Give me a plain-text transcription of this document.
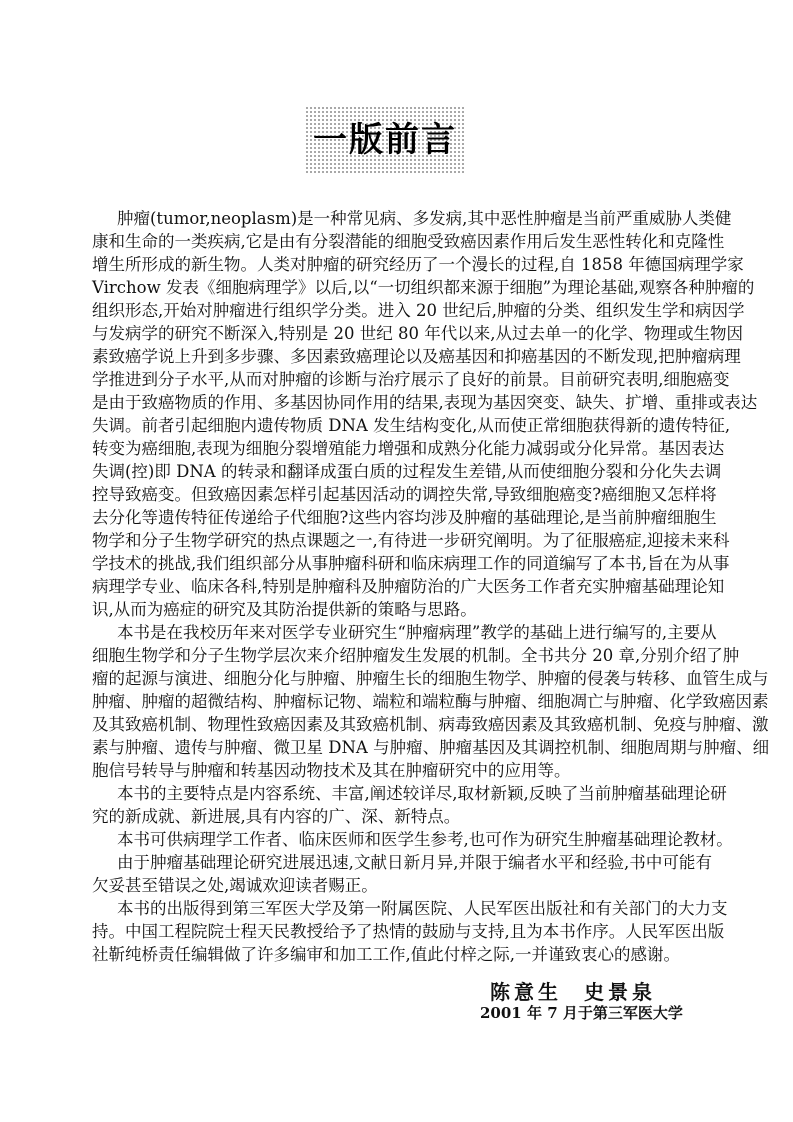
一版前言
肿瘤(tumor,neoplasm)是一种常见病、多发病,其中恶性肿瘤是当前严重威胁人类健
康和生命的一类疾病,它是由有分裂潜能的细胞受致癌因素作用后发生恶性转化和克隆性
增生所形成的新生物。人类对肿瘤的研究经历了一个漫长的过程,自 1858 年德国病理学家
Virchow 发表《细胞病理学》以后,以“一切组织都来源于细胞”为理论基础,观察各种肿瘤的
组织形态,开始对肿瘤进行组织学分类。进入 20 世纪后,肿瘤的分类、组织发生学和病因学
与发病学的研究不断深入,特别是 20 世纪 80 年代以来,从过去单一的化学、物理或生物因
素致癌学说上升到多步骤、多因素致癌理论以及癌基因和抑癌基因的不断发现,把肿瘤病理
学推进到分子水平,从而对肿瘤的诊断与治疗展示了良好的前景。目前研究表明,细胞癌变
是由于致癌物质的作用、多基因协同作用的结果,表现为基因突变、缺失、扩增、重排或表达
失调。前者引起细胞内遗传物质 DNA 发生结构变化,从而使正常细胞获得新的遗传特征,
转变为癌细胞,表现为细胞分裂增殖能力增强和成熟分化能力减弱或分化异常。基因表达
失调(控)即 DNA 的转录和翻译成蛋白质的过程发生差错,从而使细胞分裂和分化失去调
控导致癌变。但致癌因素怎样引起基因活动的调控失常,导致细胞癌变?癌细胞又怎样将
去分化等遗传特征传递给子代细胞?这些内容均涉及肿瘤的基础理论,是当前肿瘤细胞生
物学和分子生物学研究的热点课题之一,有待进一步研究阐明。为了征服癌症,迎接未来科
学技术的挑战,我们组织部分从事肿瘤科研和临床病理工作的同道编写了本书,旨在为从事
病理学专业、临床各科,特别是肿瘤科及肿瘤防治的广大医务工作者充实肿瘤基础理论知
识,从而为癌症的研究及其防治提供新的策略与思路。
本书是在我校历年来对医学专业研究生“肿瘤病理”教学的基础上进行编写的,主要从
细胞生物学和分子生物学层次来介绍肿瘤发生发展的机制。全书共分 20 章,分别介绍了肿
瘤的起源与演进、细胞分化与肿瘤、肿瘤生长的细胞生物学、肿瘤的侵袭与转移、血管生成与
肿瘤、肿瘤的超微结构、肿瘤标记物、端粒和端粒酶与肿瘤、细胞凋亡与肿瘤、化学致癌因素
及其致癌机制、物理性致癌因素及其致癌机制、病毒致癌因素及其致癌机制、免疫与肿瘤、激
素与肿瘤、遗传与肿瘤、微卫星 DNA 与肿瘤、肿瘤基因及其调控机制、细胞周期与肿瘤、细
胞信号转导与肿瘤和转基因动物技术及其在肿瘤研究中的应用等。
本书的主要特点是内容系统、丰富,阐述较详尽,取材新颖,反映了当前肿瘤基础理论研
究的新成就、新进展,具有内容的广、深、新特点。
本书可供病理学工作者、临床医师和医学生参考,也可作为研究生肿瘤基础理论教材。
由于肿瘤基础理论研究进展迅速,文献日新月异,并限于编者水平和经验,书中可能有
欠妥甚至错误之处,竭诚欢迎读者赐正。
本书的出版得到第三军医大学及第一附属医院、人民军医出版社和有关部门的大力支
持。中国工程院院士程天民教授给予了热情的鼓励与支持,且为本书作序。人民军医出版
社靳纯桥责任编辑做了许多编审和加工工作,值此付梓之际,一并谨致衷心的感谢。
陈意生 史景泉
2001 年 7 月于第三军医大学
